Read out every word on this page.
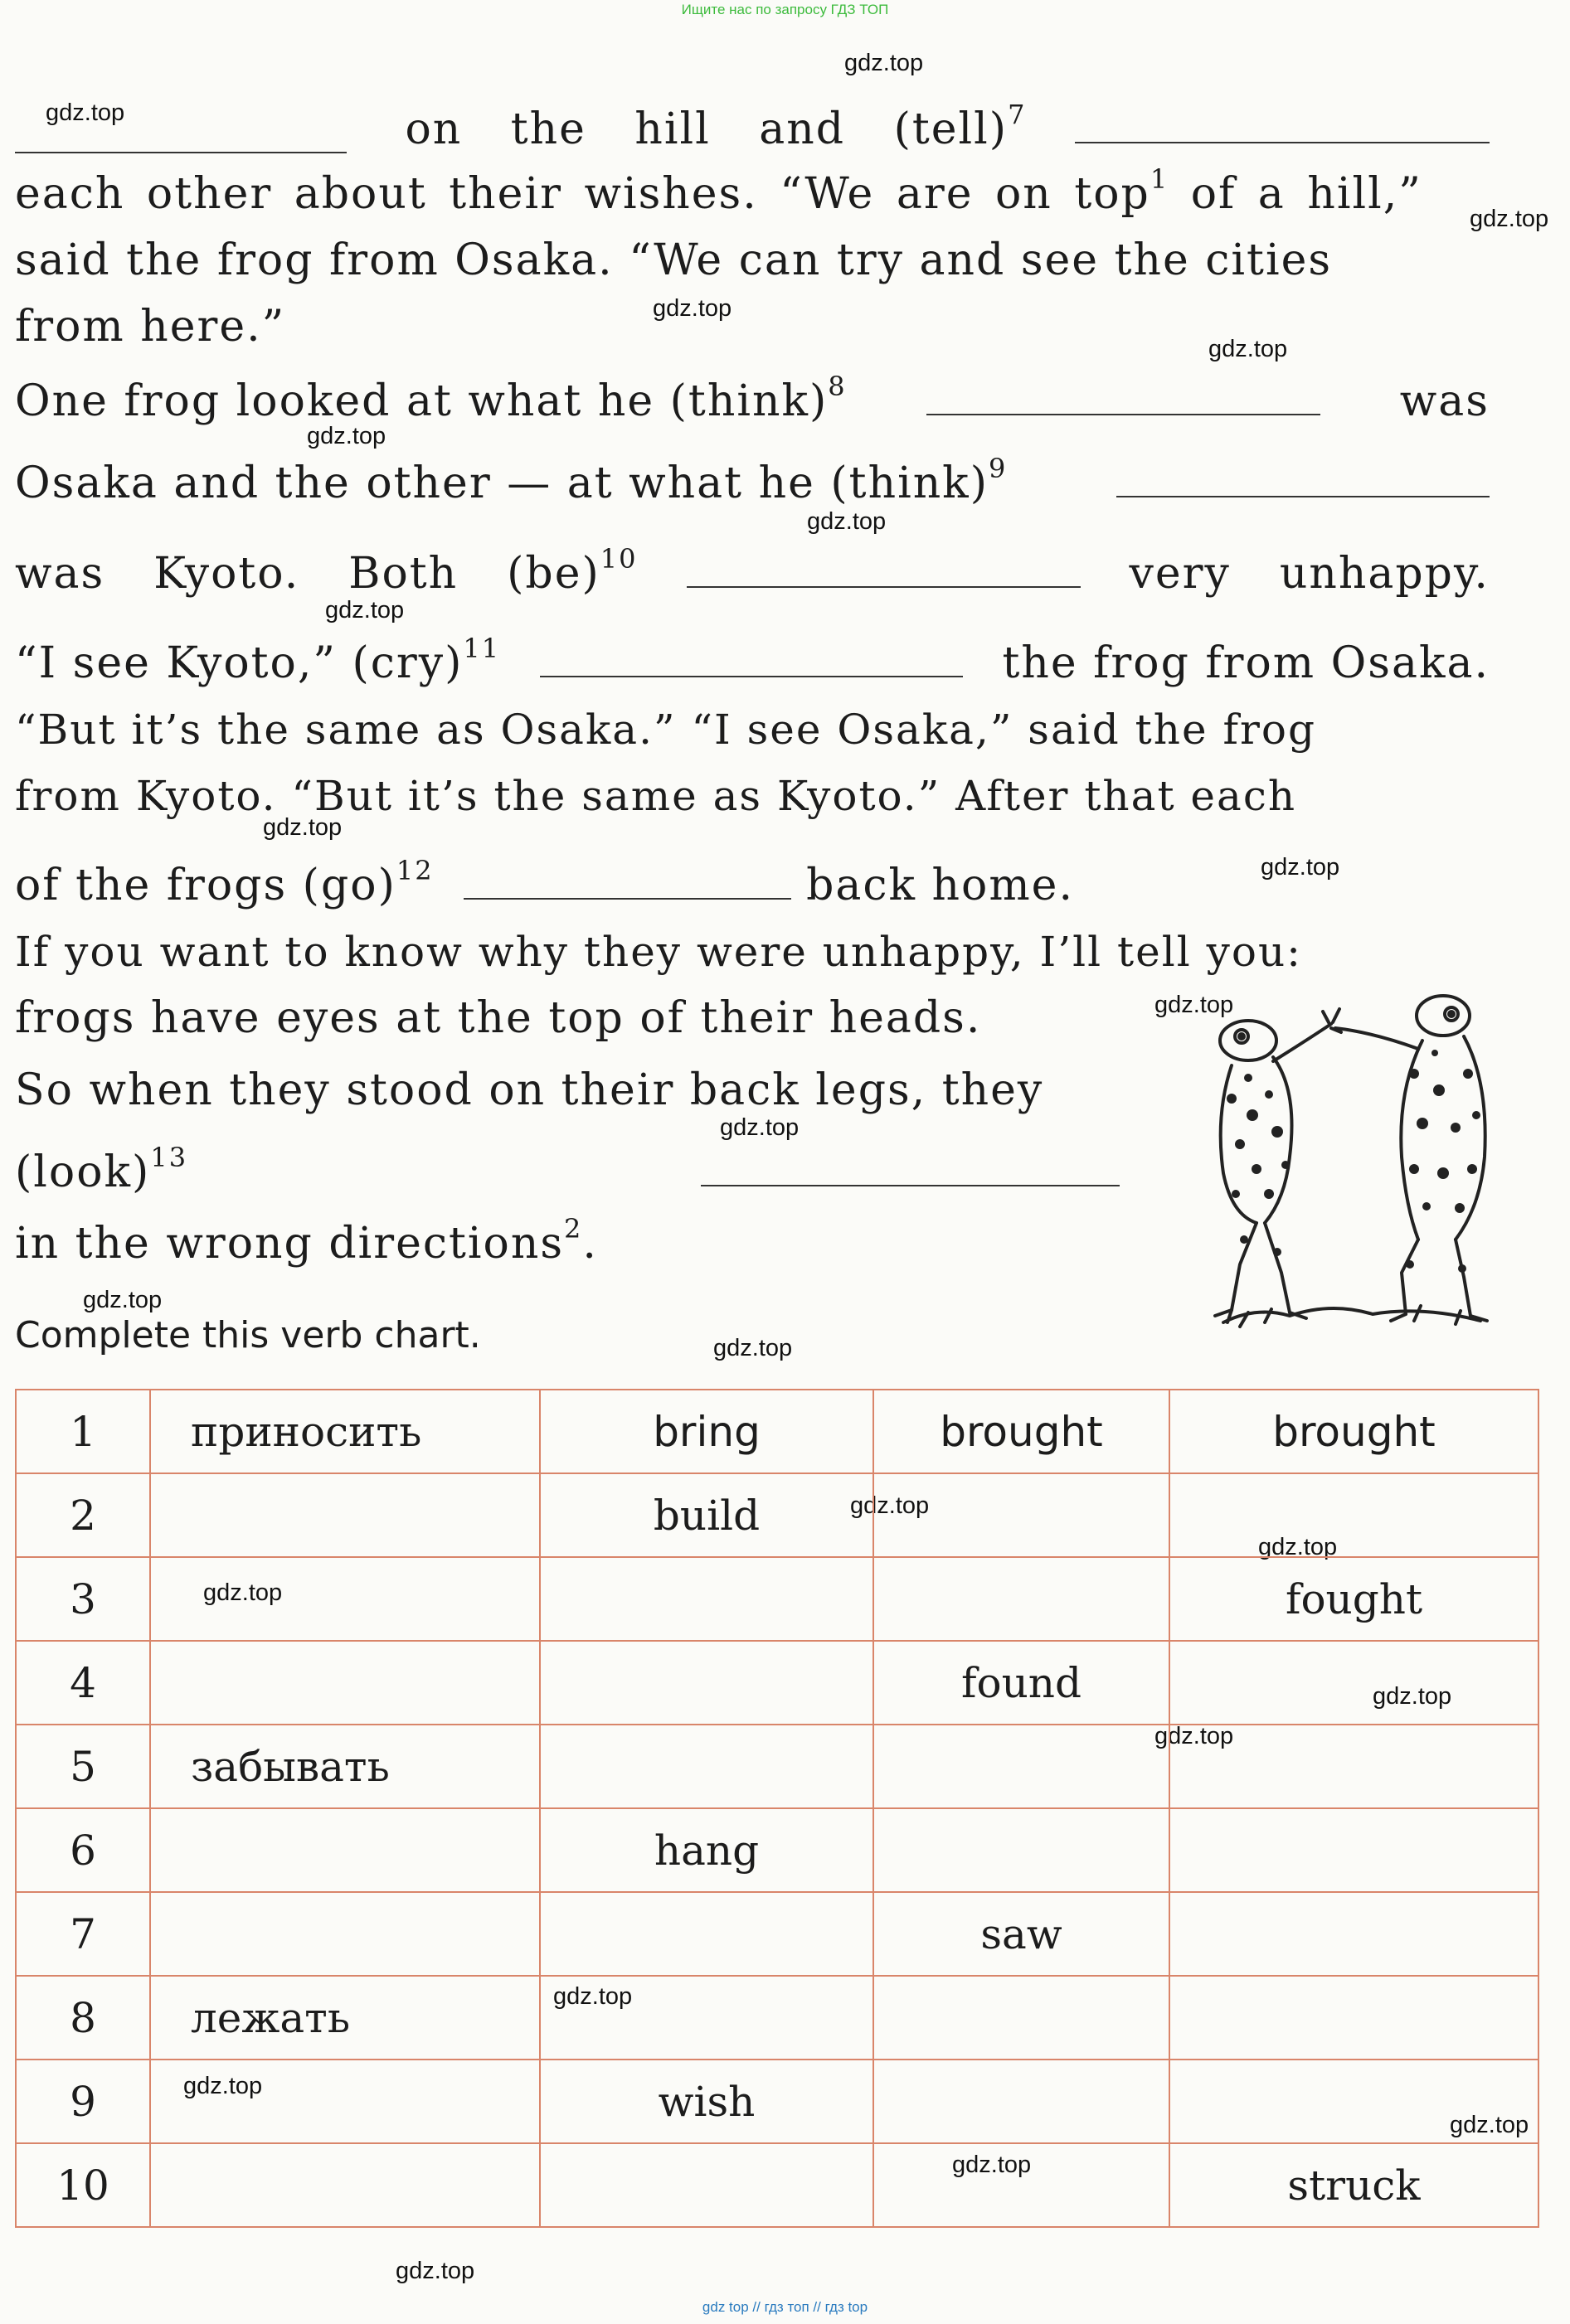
Ищите нас по запросу ГДЗ ТОП
gdz.top
gdz.top
gdz.top
gdz.top
gdz.top
gdz.top
gdz.top
gdz.top
gdz.top
gdz.top
gdz.top
gdz.top
gdz.top
gdz.top
gdz.top
gdz.top
gdz.top
gdz.top
gdz.top
gdz.top
gdz.top
gdz.top
gdz.top
gdz.top
on the hill and (tell)$^7$
each other about their wishes. “We are on top$^1$ of a hill,”
said the frog from Osaka. “We can try and see the cities
from here.”
One frog looked at what he (think)$^8$	was
Osaka and the other — at what he (think)$^9$
was Kyoto. Both (be)$^{10}$	very unhappy.
“I see Kyoto,” (cry)$^{11}$	the frog from Osaka.
“But it’s the same as Osaka.” “I see Osaka,” said the frog
from Kyoto. “But it’s the same as Kyoto.” After that each
of the frogs (go)$^{12}$	back home.
If you want to know why they were unhappy, I’ll tell you:
frogs have eyes at the top of their heads.
So when they stood on their back legs, they
(look)$^{13}$
in the wrong directions$^2$.
Complete this verb chart.
1	приносить	bring	brought	brought
2		build		
3				fought
4			found	
5	забывать			
6		hang		
7			saw	
8	лежать			
9		wish		
10				struck
gdz top // гдз топ // гдз top
